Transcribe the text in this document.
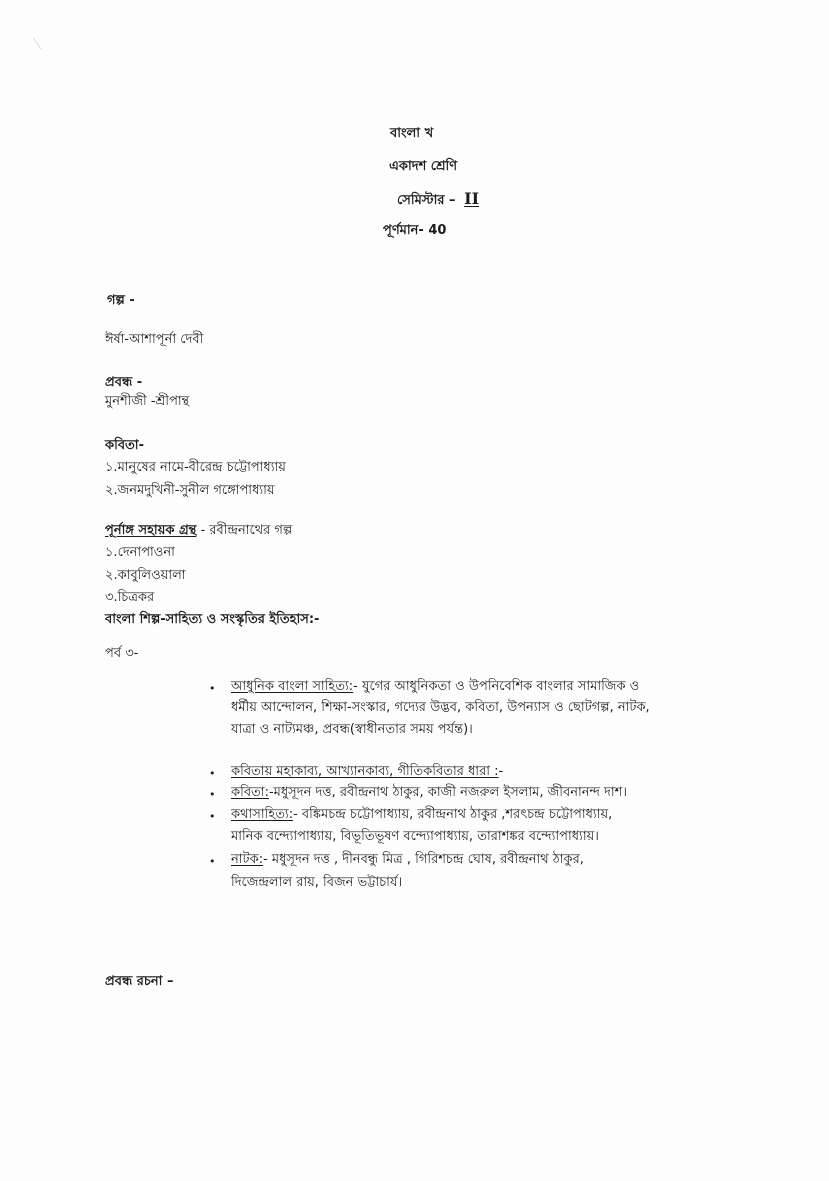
বাংলা খ
একাদশ শ্রেণি
সেমিস্টার – II
পূর্ণমান- 40
গল্প -
ঈর্ষা-আশাপূর্না দেবী
প্রবন্ধ -
মুনশীজী -শ্রীপান্থ
কবিতা-
১.মানুষের নামে-বীরেন্দ্র চট্টোপাধ্যায়
২.জনমদুখিনী-সুনীল গঙ্গোপাধ্যায়
পূর্নাঙ্গ সহায়ক গ্রন্থ - রবীন্দ্রনাথের গল্প
১.দেনাপাওনা
২.কাবুলিওয়ালা
৩.চিত্রকর
বাংলা শিল্প-সাহিত্য ও সংস্কৃতির ইতিহাস:-
পর্ব ৩-
• আধুনিক বাংলা সাহিত্য:- যুগের আধুনিকতা ও উপনিবেশিক বাংলার সামাজিক ও
ধর্মীয় আন্দোলন, শিক্ষা-সংস্কার, গদ্যের উদ্ভব, কবিতা, উপন্যাস ও ছোটগল্প, নাটক,
যাত্রা ও নাট্যমঞ্চ, প্রবন্ধ(স্বাধীনতার সময় পর্যন্ত)।
• কবিতায় মহাকাব্য, আখ্যানকাব্য, গীতিকবিতার ধারা :-
• কবিতা:-মধুসূদন দত্ত, রবীন্দ্রনাথ ঠাকুর, কাজী নজরুল ইসলাম, জীবনানন্দ দাশ।
• কথাসাহিত্য:- বঙ্কিমচন্দ্র চট্টোপাধ্যায়, রবীন্দ্রনাথ ঠাকুর ,শরৎচন্দ্র চট্টোপাধ্যায়,
মানিক বন্দ্যোপাধ্যায়, বিভূতিভূষণ বন্দ্যোপাধ্যায়, তারাশঙ্কর বন্দ্যোপাধ্যায়।
• নাটক:- মধুসূদন দত্ত , দীনবন্ধু মিত্র , গিরিশচন্দ্র ঘোষ, রবীন্দ্রনাথ ঠাকুর,
দিজেন্দ্রলাল রায়, বিজন ভট্টাচার্য।
প্রবন্ধ রচনা –
